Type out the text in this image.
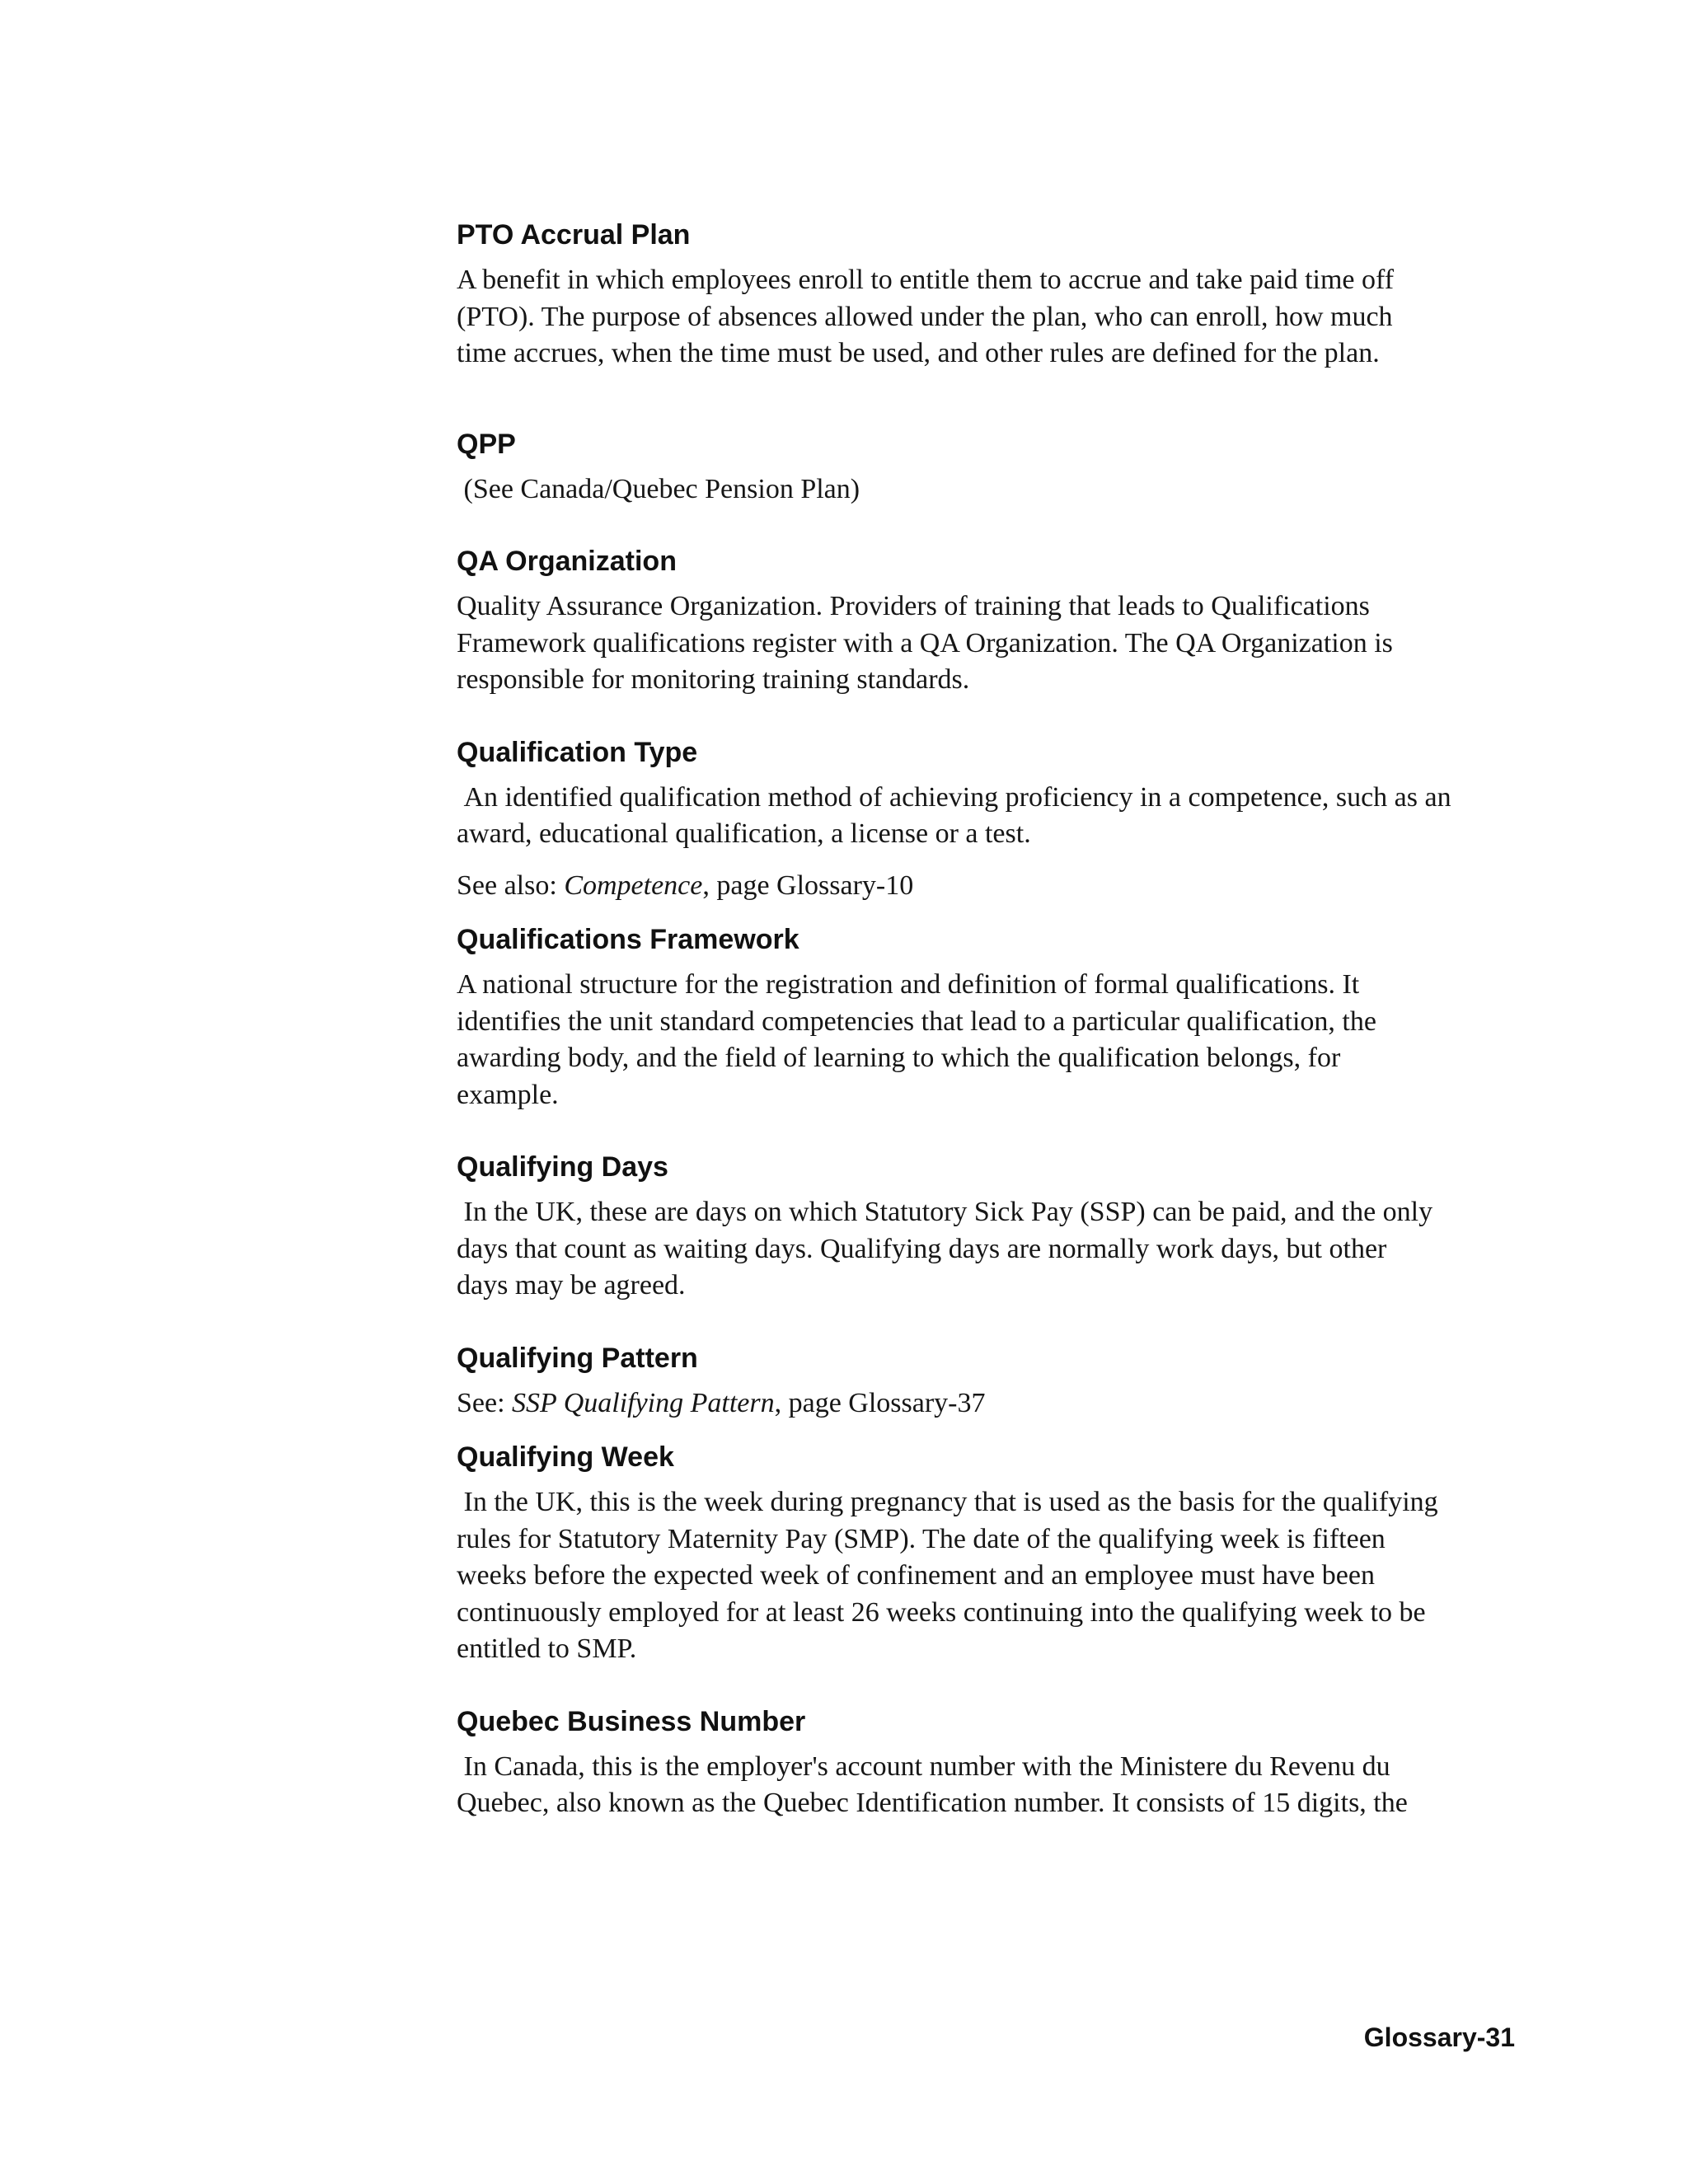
PTO Accrual Plan
A benefit in which employees enroll to entitle them to accrue and take paid time off
(PTO). The purpose of absences allowed under the plan, who can enroll, how much
time accrues, when the time must be used, and other rules are defined for the plan.
QPP
(See Canada/Quebec Pension Plan)
QA Organization
Quality Assurance Organization. Providers of training that leads to Qualifications
Framework qualifications register with a QA Organization. The QA Organization is
responsible for monitoring training standards.
Qualification Type
An identified qualification method of achieving proficiency in a competence, such as an
award, educational qualification, a license or a test.
See also: Competence, page Glossary-10
Qualifications Framework
A national structure for the registration and definition of formal qualifications. It
identifies the unit standard competencies that lead to a particular qualification, the
awarding body, and the field of learning to which the qualification belongs, for
example.
Qualifying Days
In the UK, these are days on which Statutory Sick Pay (SSP) can be paid, and the only
days that count as waiting days. Qualifying days are normally work days, but other
days may be agreed.
Qualifying Pattern
See: SSP Qualifying Pattern, page Glossary-37
Qualifying Week
In the UK, this is the week during pregnancy that is used as the basis for the qualifying
rules for Statutory Maternity Pay (SMP). The date of the qualifying week is fifteen
weeks before the expected week of confinement and an employee must have been
continuously employed for at least 26 weeks continuing into the qualifying week to be
entitled to SMP.
Quebec Business Number
In Canada, this is the employer's account number with the Ministere du Revenu du
Quebec, also known as the Quebec Identification number. It consists of 15 digits, the
Glossary-31
